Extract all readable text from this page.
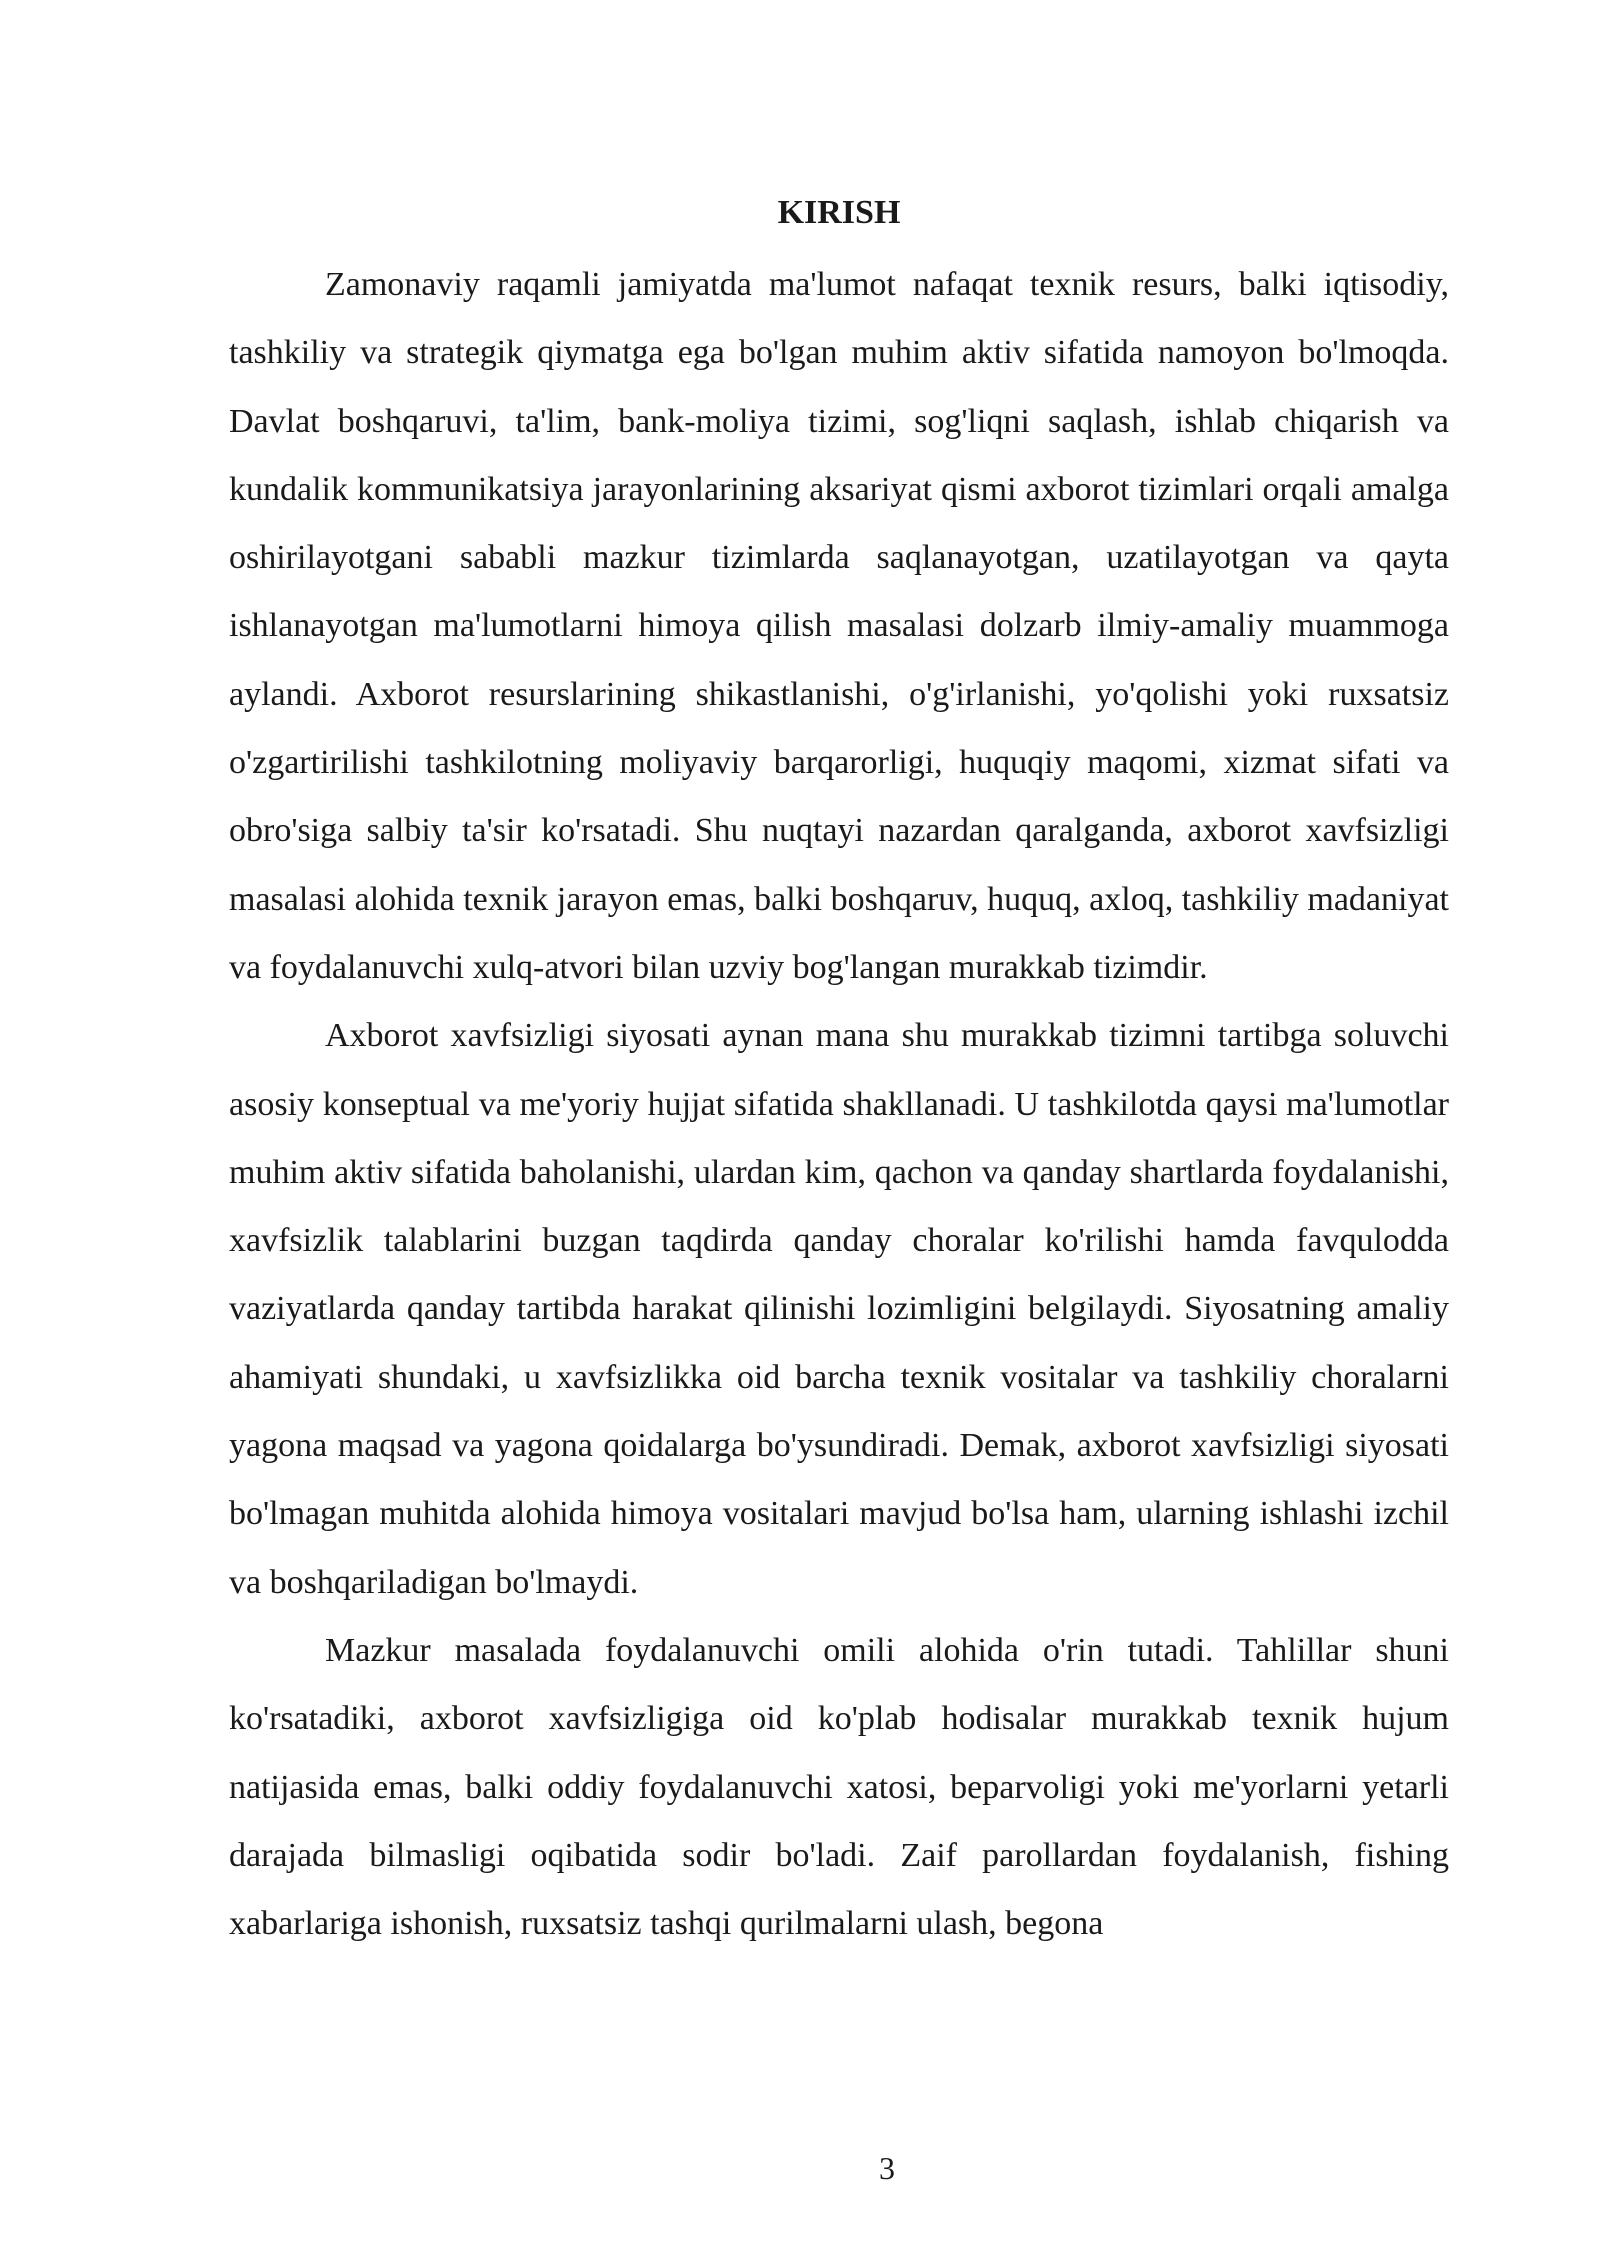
KIRISH

Zamonaviy raqamli jamiyatda ma'lumot nafaqat texnik resurs, balki iqtisodiy, tashkiliy va strategik qiymatga ega bo'lgan muhim aktiv sifatida namoyon bo'lmoqda. Davlat boshqaruvi, ta'lim, bank-moliya tizimi, sog'liqni saqlash, ishlab chiqarish va kundalik kommunikatsiya jarayonlarining aksariyat qismi axborot tizimlari orqali amalga oshirilayotgani sababli mazkur tizimlarda saqlanayotgan, uzatilayotgan va qayta ishlanayotgan ma'lumotlarni himoya qilish masalasi dolzarb ilmiy-amaliy muammoga aylandi. Axborot resurslarining shikastlanishi, o'g'irlanishi, yo'qolishi yoki ruxsatsiz o'zgartirilishi tashkilotning moliyaviy barqarorligi, huquqiy maqomi, xizmat sifati va obro'siga salbiy ta'sir ko'rsatadi. Shu nuqtayi nazardan qaralganda, axborot xavfsizligi masalasi alohida texnik jarayon emas, balki boshqaruv, huquq, axloq, tashkiliy madaniyat va foydalanuvchi xulq-atvori bilan uzviy bog'langan murakkab tizimdir.

Axborot xavfsizligi siyosati aynan mana shu murakkab tizimni tartibga soluvchi asosiy konseptual va me'yoriy hujjat sifatida shakllanadi. U tashkilotda qaysi ma'lumotlar muhim aktiv sifatida baholanishi, ulardan kim, qachon va qanday shartlarda foydalanishi, xavfsizlik talablarini buzgan taqdirda qanday choralar ko'rilishi hamda favqulodda vaziyatlarda qanday tartibda harakat qilinishi lozimligini belgilaydi. Siyosatning amaliy ahamiyati shundaki, u xavfsizlikka oid barcha texnik vositalar va tashkiliy choralarni yagona maqsad va yagona qoidalarga bo'ysundiradi. Demak, axborot xavfsizligi siyosati bo'lmagan muhitda alohida himoya vositalari mavjud bo'lsa ham, ularning ishlashi izchil va boshqariladigan bo'lmaydi.

Mazkur masalada foydalanuvchi omili alohida o'rin tutadi. Tahlillar shuni ko'rsatadiki, axborot xavfsizligiga oid ko'plab hodisalar murakkab texnik hujum natijasida emas, balki oddiy foydalanuvchi xatosi, beparvoligi yoki me'yorlarni yetarli darajada bilmasligi oqibatida sodir bo'ladi. Zaif parollardan foydalanish, fishing xabarlariga ishonish, ruxsatsiz tashqi qurilmalarni ulash, begona

3
